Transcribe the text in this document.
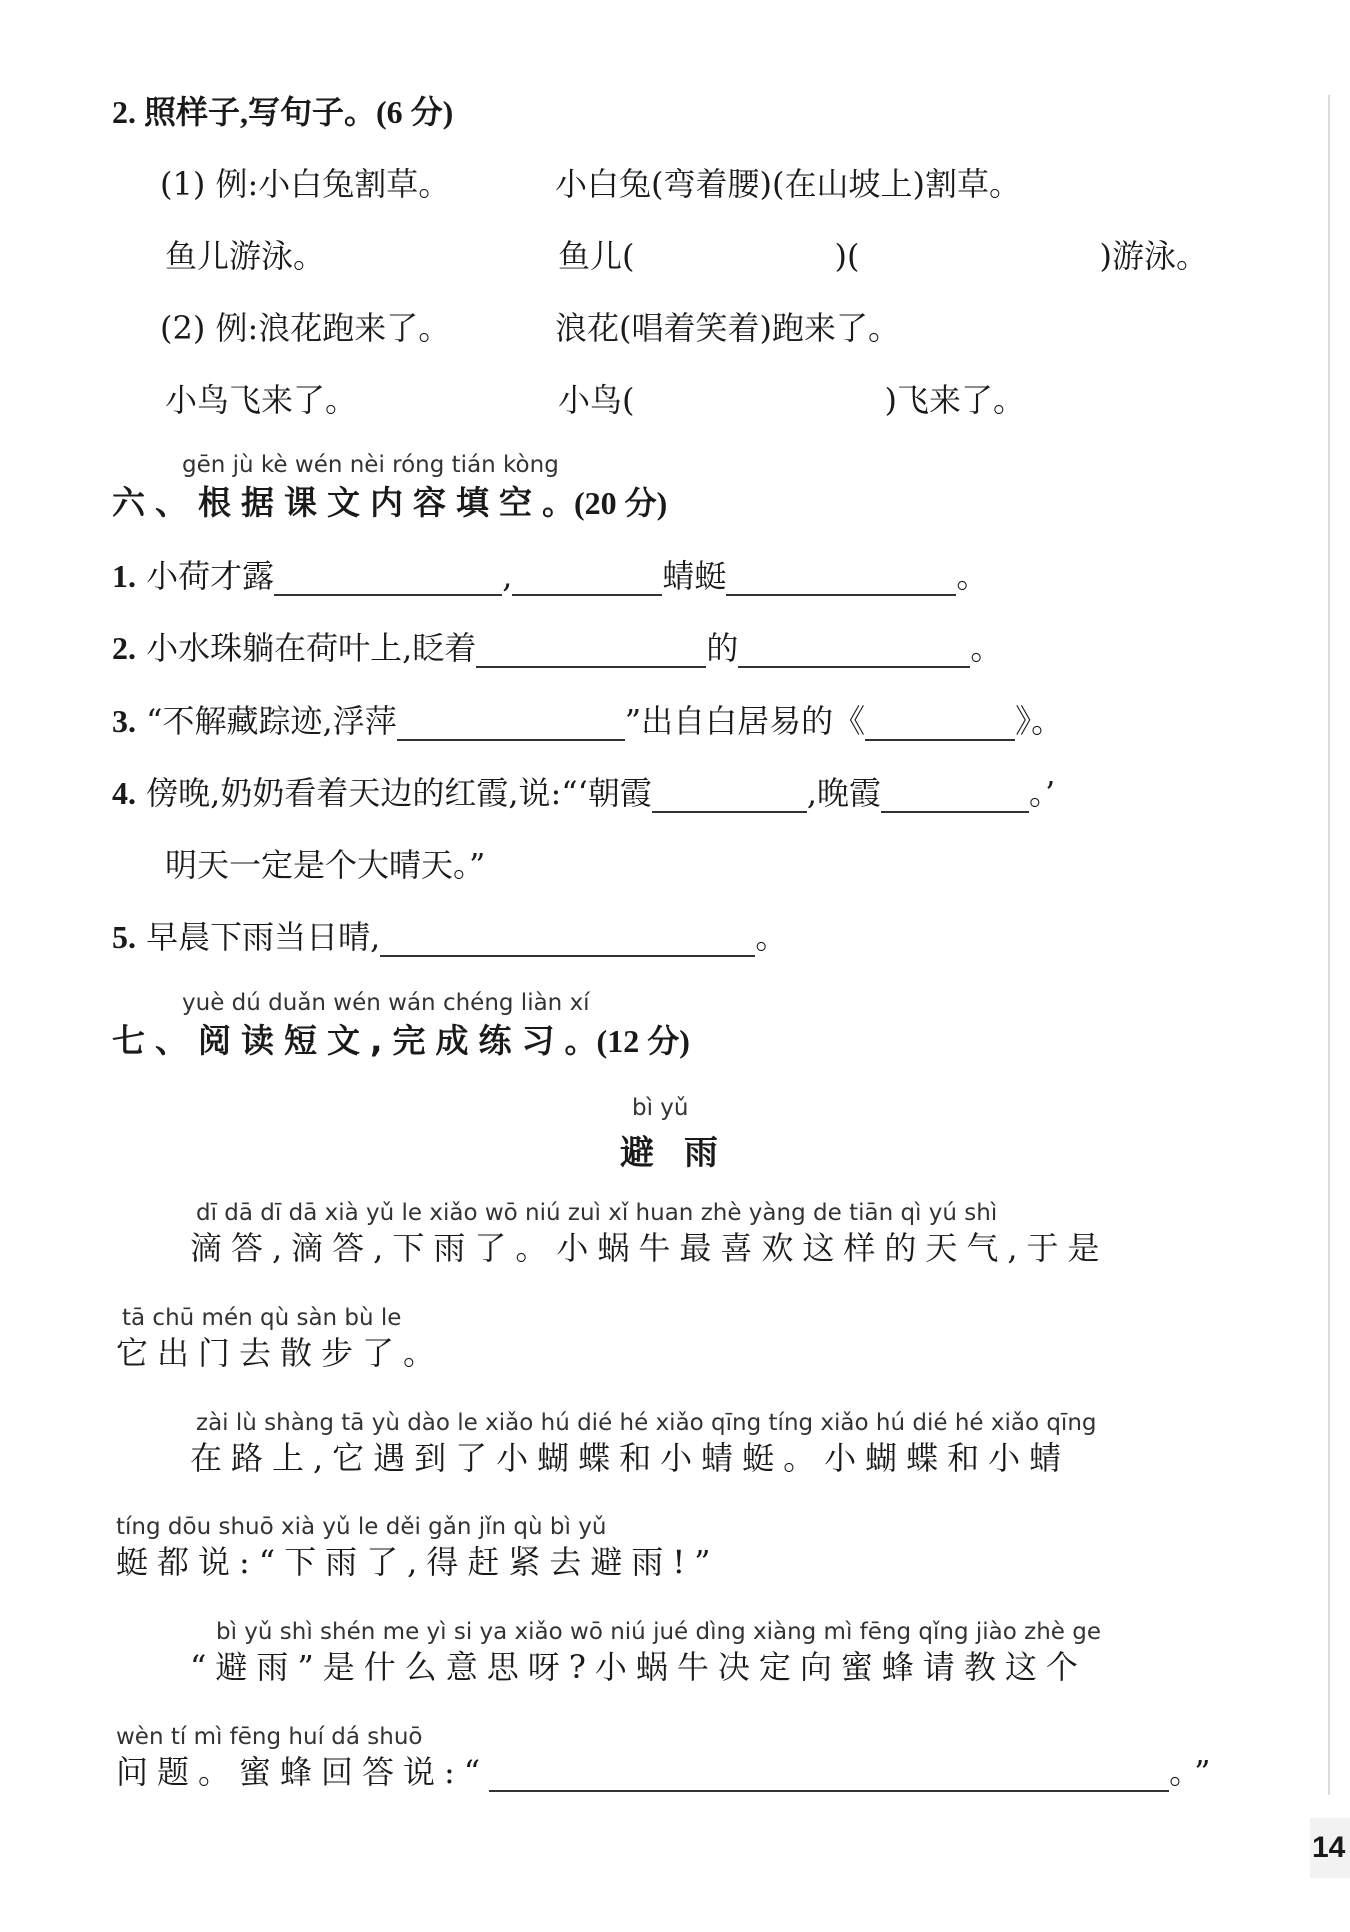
2. 照样子,写句子。(6 分)
(1) 例:小白兔割草。	小白兔(弯着腰)(在山坡上)割草。
鱼儿游泳。	鱼儿(	)(	)游泳。
(2) 例:浪花跑来了。	浪花(唱着笑着)跑来了。
小鸟飞来了。	小鸟(	)飞来了。
gēn jù kè wén nèi róng tián kòng
六、根据课文内容填空。(20 分)
1. 小荷才露	,	蜻蜓	。
2. 小水珠躺在荷叶上,眨着	的	。
3. “不解藏踪迹,浮萍	”出自白居易的《	》。
4. 傍晚,奶奶看着天边的红霞,说:“‘朝霞	,晚霞	。’
明天一定是个大晴天。”
5. 早晨下雨当日晴,	。
yuè dú duǎn wén wán chéng liàn xí
七、阅读短文,完成练习。(12 分)
bì yǔ
避雨
dī dā dī dā xià yǔ le xiǎo wō niú zuì xǐ huan zhè yàng de tiān qì yú shì
滴答,滴答,下雨了。小蜗牛最喜欢这样的天气,于是
tā chū mén qù sàn bù le
它出门去散步了。
zài lù shàng tā yù dào le xiǎo hú dié hé xiǎo qīng tíng xiǎo hú dié hé xiǎo qīng
在路上,它遇到了小蝴蝶和小蜻蜓。小蝴蝶和小蜻
tíng dōu shuō xià yǔ le děi gǎn jǐn qù bì yǔ
蜓都说:“下雨了,得赶紧去避雨!”
bì yǔ shì shén me yì si ya xiǎo wō niú jué dìng xiàng mì fēng qǐng jiào zhè ge
“避雨”是什么意思呀?小蜗牛决定向蜜蜂请教这个
wèn tí mì fēng huí dá shuō
问题。蜜蜂回答说:“	。”
14
